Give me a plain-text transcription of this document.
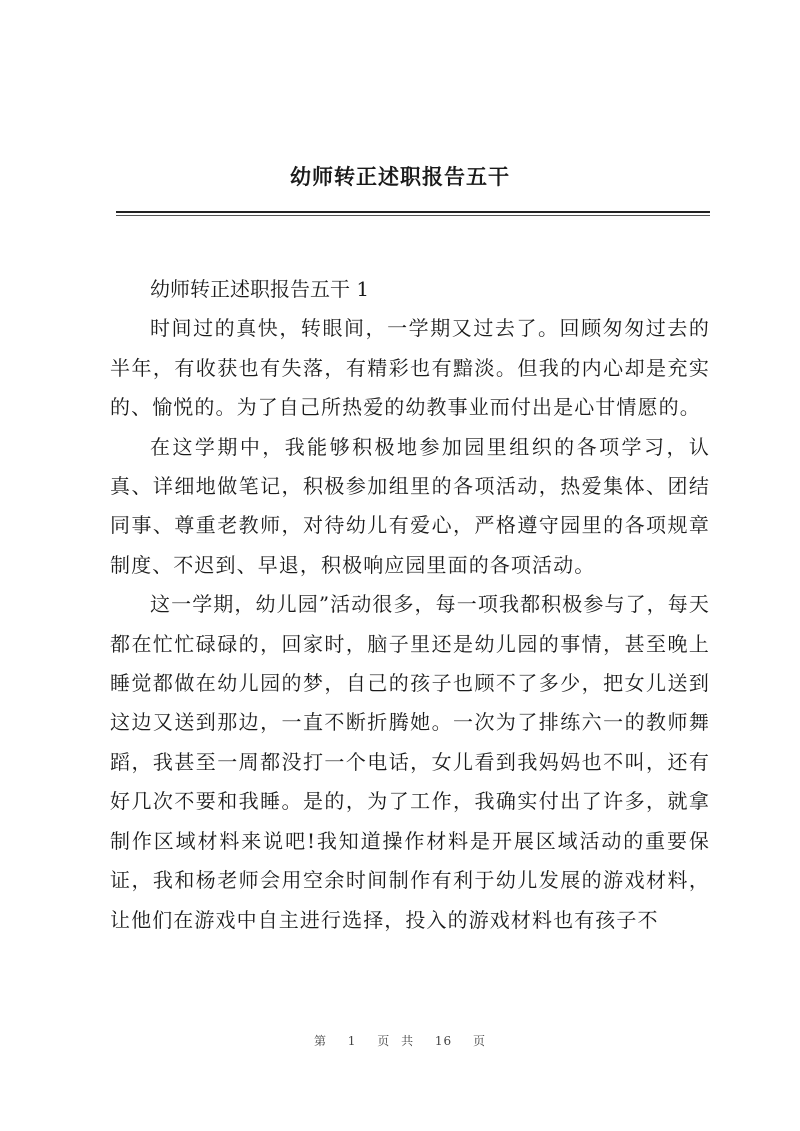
幼师转正述职报告五干
幼师转正述职报告五干 1

时间过的真快，转眼间，一学期又过去了。回顾匆匆过去的半年，有收获也有失落，有精彩也有黯淡。但我的内心却是充实的、愉悦的。为了自己所热爱的幼教事业而付出是心甘情愿的。

在这学期中，我能够积极地参加园里组织的各项学习，认真、详细地做笔记，积极参加组里的各项活动，热爱集体、团结同事、尊重老教师，对待幼儿有爱心，严格遵守园里的各项规章制度、不迟到、早退，积极响应园里面的各项活动。

这一学期，幼儿园”活动很多，每一项我都积极参与了，每天都在忙忙碌碌的，回家时，脑子里还是幼儿园的事情，甚至晚上睡觉都做在幼儿园的梦，自己的孩子也顾不了多少，把女儿送到这边又送到那边，一直不断折腾她。一次为了排练六一的教师舞蹈，我甚至一周都没打一个电话，女儿看到我妈妈也不叫，还有好几次不要和我睡。是的，为了工作，我确实付出了许多，就拿制作区域材料来说吧!我知道操作材料是开展区域活动的重要保证，我和杨老师会用空余时间制作有利于幼儿发展的游戏材料，让他们在游戏中自主进行选择，投入的游戏材料也有孩子不

第 1 页 共 16 页
